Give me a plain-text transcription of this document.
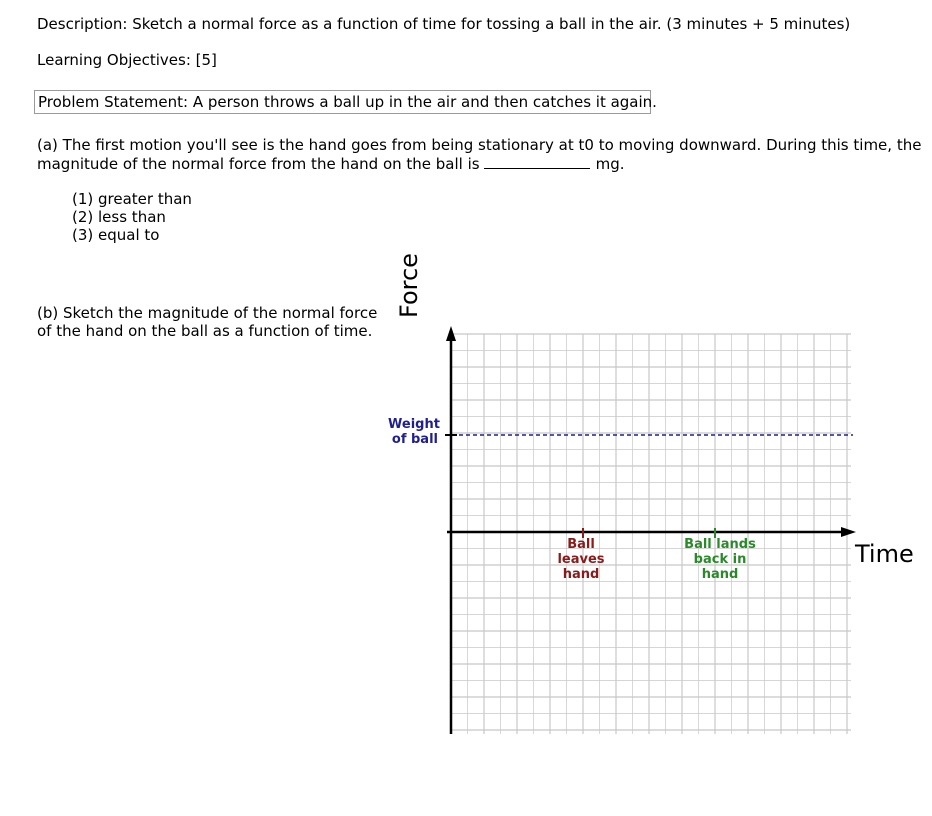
Description: Sketch a normal force as a function of time for tossing a ball in the air. (3 minutes + 5 minutes)
Learning Objectives: [5]
Problem Statement: A person throws a ball up in the air and then catches it again.
(a) The first motion you'll see is the hand goes from being stationary at t0 to moving downward. During this time, the
magnitude of the normal force from the hand on the ball is	mg.
(1) greater than
(2) less than
(3) equal to
(b) Sketch the magnitude of the normal force
of the hand on the ball as a function of time.
Force
Time
Weight
of ball
Ball
leaves
hand
Ball lands
back in
hand
